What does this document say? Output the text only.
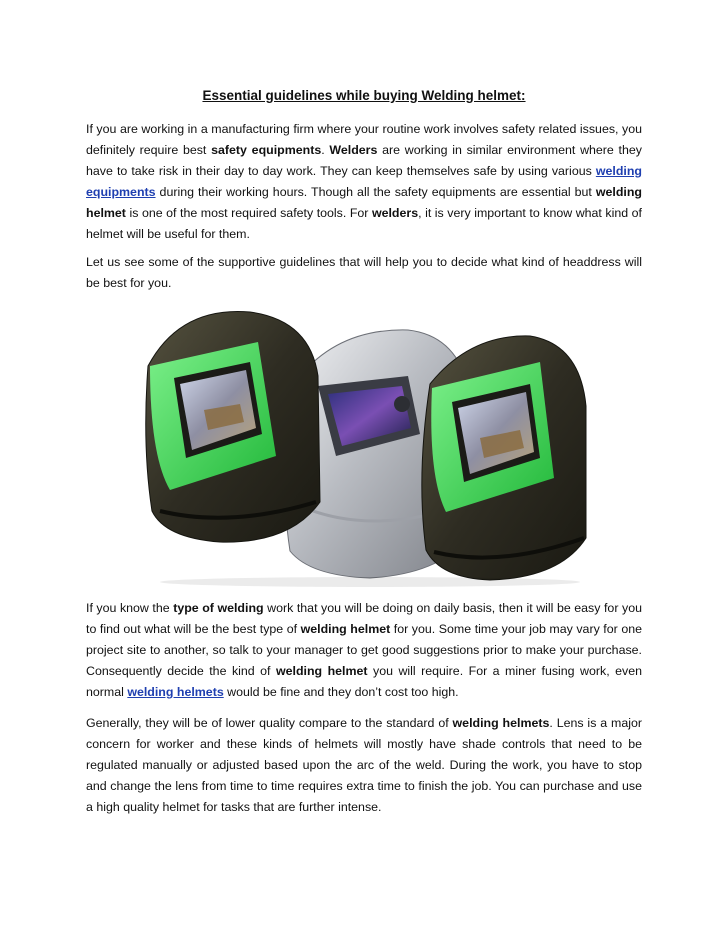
Essential guidelines while buying Welding helmet:

If you are working in a manufacturing firm where your routine work involves safety related issues, you definitely require best safety equipments. Welders are working in similar environment where they have to take risk in their day to day work. They can keep themselves safe by using various welding equipments during their working hours. Though all the safety equipments are essential but welding helmet is one of the most required safety tools. For welders, it is very important to know what kind of helmet will be useful for them.

Let us see some of the supportive guidelines that will help you to decide what kind of headdress will be best for you.

If you know the type of welding work that you will be doing on daily basis, then it will be easy for you to find out what will be the best type of welding helmet for you. Some time your job may vary for one project site to another, so talk to your manager to get good suggestions prior to make your purchase. Consequently decide the kind of welding helmet you will require. For a miner fusing work, even normal welding helmets would be fine and they don’t cost too high.

Generally, they will be of lower quality compare to the standard of welding helmets. Lens is a major concern for worker and these kinds of helmets will mostly have shade controls that need to be regulated manually or adjusted based upon the arc of the weld. During the work, you have to stop and change the lens from time to time requires extra time to finish the job. You can purchase and use a high quality helmet for tasks that are further intense.
